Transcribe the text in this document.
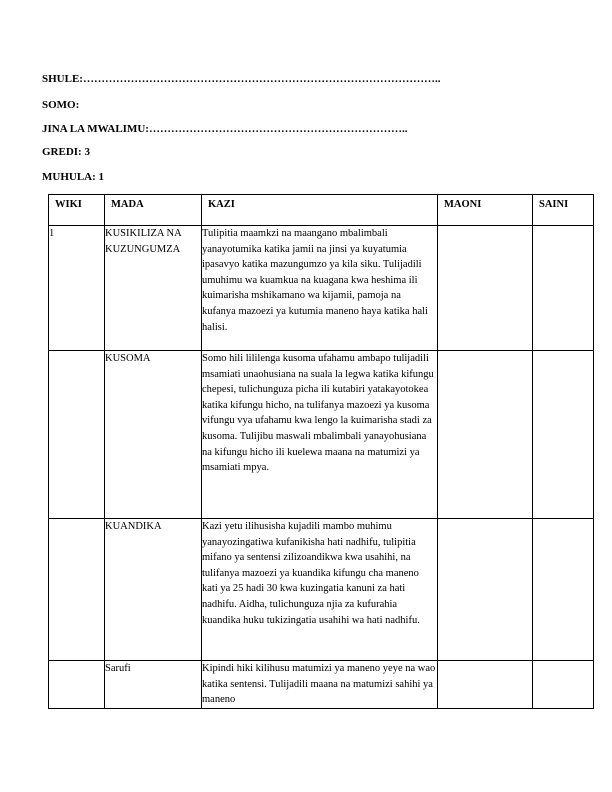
SHULE:……………………………………………………………………………………..
SOMO:
JINA LA MWALIMU:……………………………………………………………..
GREDI: 3
MUHULA: 1
WIKI	MADA	KAZI	MAONI	SAINI
1	KUSIKILIZA NA KUZUNGUMZA	Tulipitia maamkzi na maangano mbalimbali yanayotumika katika jamii na jinsi ya kuyatumia ipasavyo katika mazungumzo ya kila siku. Tulijadili umuhimu wa kuamkua na kuagana kwa heshima ili kuimarisha mshikamano wa kijamii, pamoja na kufanya mazoezi ya kutumia maneno haya katika hali halisi.		
	KUSOMA	Somo hili lililenga kusoma ufahamu ambapo tulijadili msamiati unaohusiana na suala la legwa katika kifungu chepesi, tulichunguza picha ili kutabiri yatakayotokea katika kifungu hicho, na tulifanya mazoezi ya kusoma vifungu vya ufahamu kwa lengo la kuimarisha stadi za kusoma. Tulijibu maswali mbalimbali yanayohusiana na kifungu hicho ili kuelewa maana na matumizi ya msamiati mpya.		
	KUANDIKA	Kazi yetu ilihusisha kujadili mambo muhimu yanayozingatiwa kufanikisha hati nadhifu, tulipitia mifano ya sentensi zilizoandikwa kwa usahihi, na tulifanya mazoezi ya kuandika kifungu cha maneno kati ya 25 hadi 30 kwa kuzingatia kanuni za hati nadhifu. Aidha, tulichunguza njia za kufurahia kuandika huku tukizingatia usahihi wa hati nadhifu.		
	Sarufi	Kipindi hiki kilihusu matumizi ya maneno yeye na wao katika sentensi. Tulijadili maana na matumizi sahihi ya maneno		
